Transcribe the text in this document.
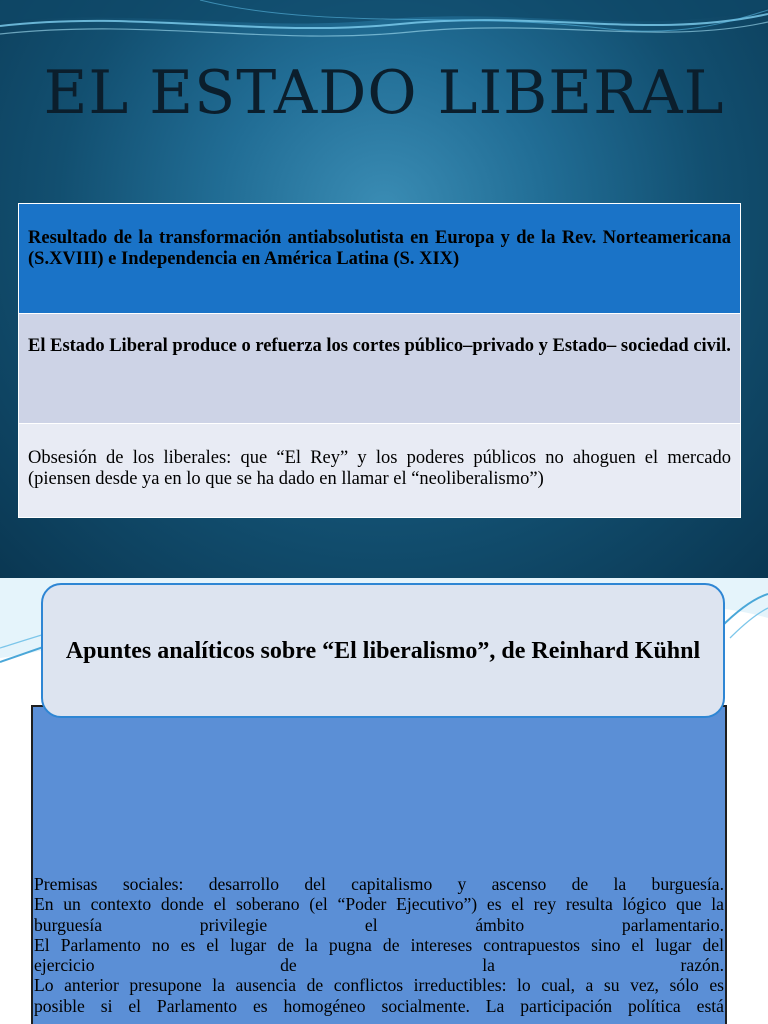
EL ESTADO LIBERAL
Resultado de la transformación antiabsolutista en Europa y de la Rev. Norteamericana (S.XVIII) e Independencia en América Latina (S. XIX)
El Estado Liberal produce o refuerza los cortes público–privado y Estado– sociedad civil.
Obsesión de los liberales: que “El Rey” y los poderes públicos no ahoguen el mercado (piensen desde ya en lo que se ha dado en llamar el “neoliberalismo”)
Apuntes analíticos sobre “El liberalismo”, de Reinhard Kühnl
Premisas sociales: desarrollo del capitalismo y ascenso de la burguesía.
En un contexto donde el soberano (el “Poder Ejecutivo”) es el rey resulta lógico que la
burguesía privilegie el ámbito parlamentario.
El Parlamento no es el lugar de la pugna de intereses contrapuestos sino el lugar del
ejercicio de la razón.
Lo anterior presupone la ausencia de conflictos irreductibles: lo cual, a su vez, sólo es
posible si el Parlamento es homogéneo socialmente. La participación política está
